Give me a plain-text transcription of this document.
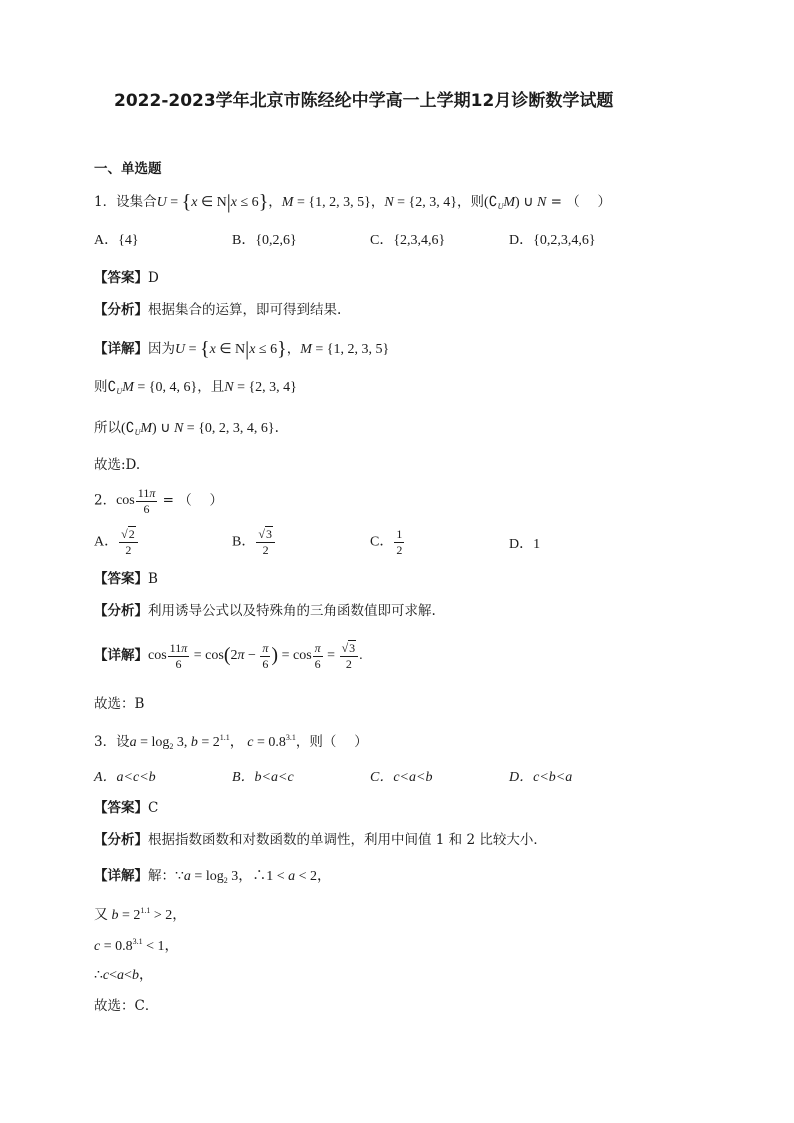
2022-2023学年北京市陈经纶中学高一上学期12月诊断数学试题
一、单选题
1．设集合U = {x ∈ N|x ≤ 6}，M = {1, 2, 3, 5}，N = {2, 3, 4}，则$(∁_UM)$ ∪ N = （　 ）
A．{4}	B．{0,2,6}	C．{2,3,4,6}	D．{0,2,3,4,6}
【答案】D
【分析】根据集合的运算，即可得到结果.
【详解】因为U = {x ∈ N|x ≤ 6}，M = {1, 2, 3, 5}
则$∁_UM = \{0$, 4, 6}，且N = {2, 3, 4}
所以$(∁_UM)$ ∪ N = {0, 2, 3, 4, 6}.
故选:D.
2．$\cos \frac{11\pi}{6}$ = （　 ）
A． $\frac{√2}{2}$	B． $\frac{√3}{2}$	C． $\frac{1}{2}$	D．1
【答案】B
【分析】利用诱导公式以及特殊角的三角函数值即可求解.
【详解】$\cos \frac{11\pi}{6} = \cos(2\pi - \frac{\pi}{6}$ ) = $\cos \frac{\pi}{6} = \frac{√3}{2}$ .
故选：B
3．设$a = \log_2 3$, $b = 2^{1.1}$， $c = 0.8^{3.1}$，则（　 ）
A．a<c<b	B．b<a<c	C．c<a<b	D．c<b<a
【答案】C
【分析】根据指数函数和对数函数的单调性，利用中间值 1 和 2 比较大小．
【详解】解：∵a = $\log_2 3$，∴1 < a < 2，
又 $b = 2^{1.1} > 2$，
$c = 0.8^{3.1} < 1$，
∴c<a<b，
故选：C．
